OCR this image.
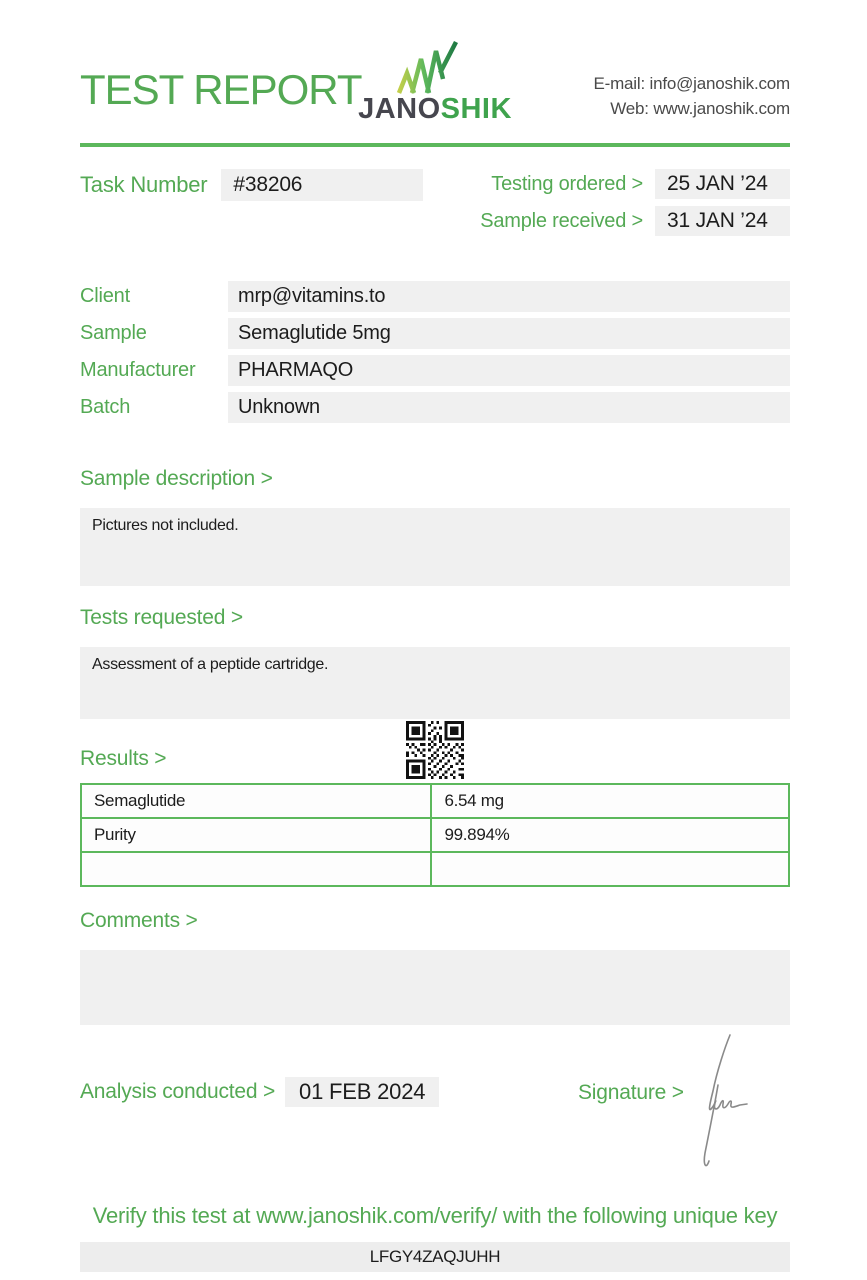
TEST REPORT
JANOSHIK
E-mail: info@janoshik.com
Web: www.janoshik.com
Task Number	#38206	Testing ordered >	25 JAN ’24
Sample received >	31 JAN ’24
Client	mrp@vitamins.to
Sample	Semaglutide 5mg
Manufacturer	PHARMAQO
Batch	Unknown
Sample description >
Pictures not included.
Tests requested >
Assessment of a peptide cartridge.
Results >
Semaglutide	6.54 mg
Purity	99.894%

Comments >
Analysis conducted >	01 FEB 2024	Signature >
Verify this test at www.janoshik.com/verify/ with the following unique key
LFGY4ZAQJUHH
